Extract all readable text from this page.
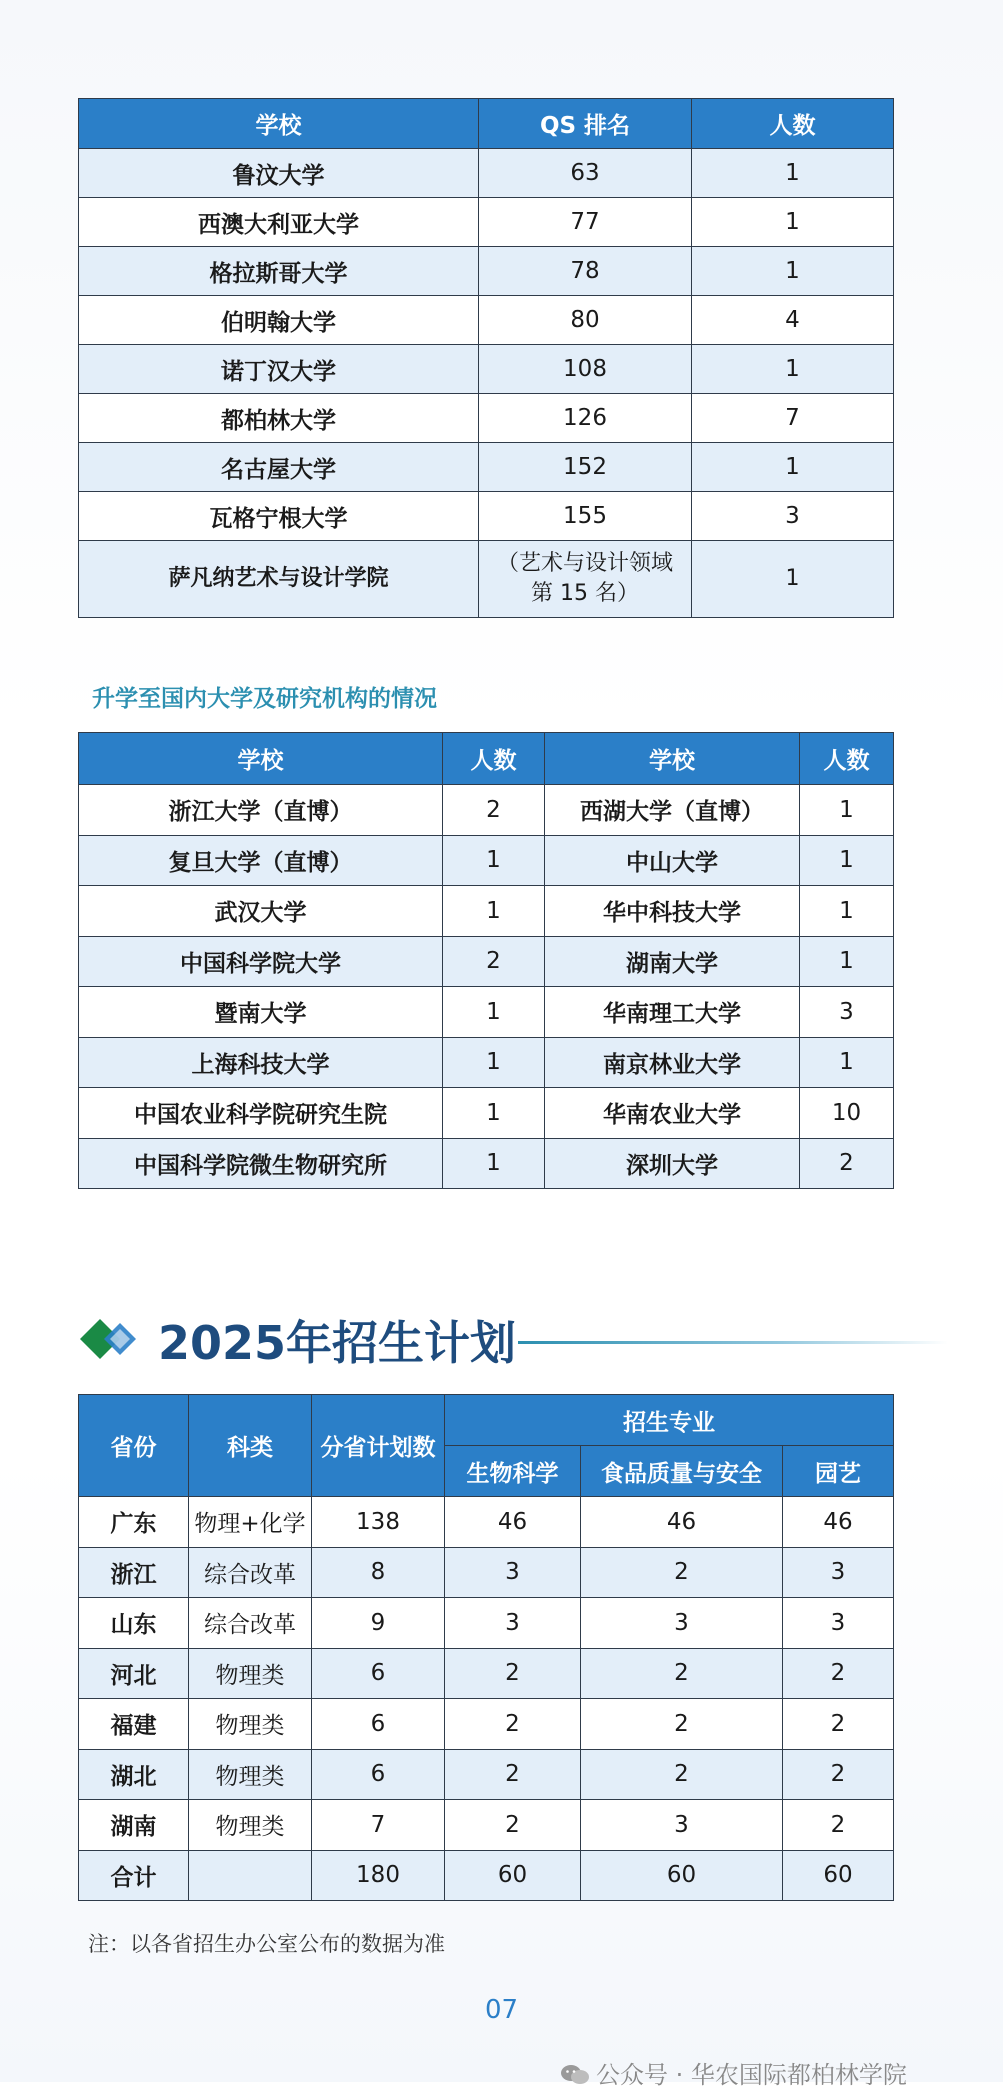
学校	QS 排名	人数
鲁汶大学	63	1
西澳大利亚大学	77	1
格拉斯哥大学	78	1
伯明翰大学	80	4
诺丁汉大学	108	1
都柏林大学	126	7
名古屋大学	152	1
瓦格宁根大学	155	3
萨凡纳艺术与设计学院	（艺术与设计领域
第 15 名）	1
升学至国内大学及研究机构的情况
学校	人数	学校	人数
浙江大学（直博）	2	西湖大学（直博）	1
复旦大学（直博）	1	中山大学	1
武汉大学	1	华中科技大学	1
中国科学院大学	2	湖南大学	1
暨南大学	1	华南理工大学	3
上海科技大学	1	南京林业大学	1
中国农业科学院研究生院	1	华南农业大学	10
中国科学院微生物研究所	1	深圳大学	2
2025年招生计划
省份	科类	分省计划数	招生专业		
			生物科学	食品质量与安全	园艺
广东	物理+化学	138	46	46	46
浙江	综合改革	8	3	2	3
山东	综合改革	9	3	3	3
河北	物理类	6	2	2	2
福建	物理类	6	2	2	2
湖北	物理类	6	2	2	2
湖南	物理类	7	2	3	2
合计		180	60	60	60
注：以各省招生办公室公布的数据为准
07
公众号 · 华农国际都柏林学院
